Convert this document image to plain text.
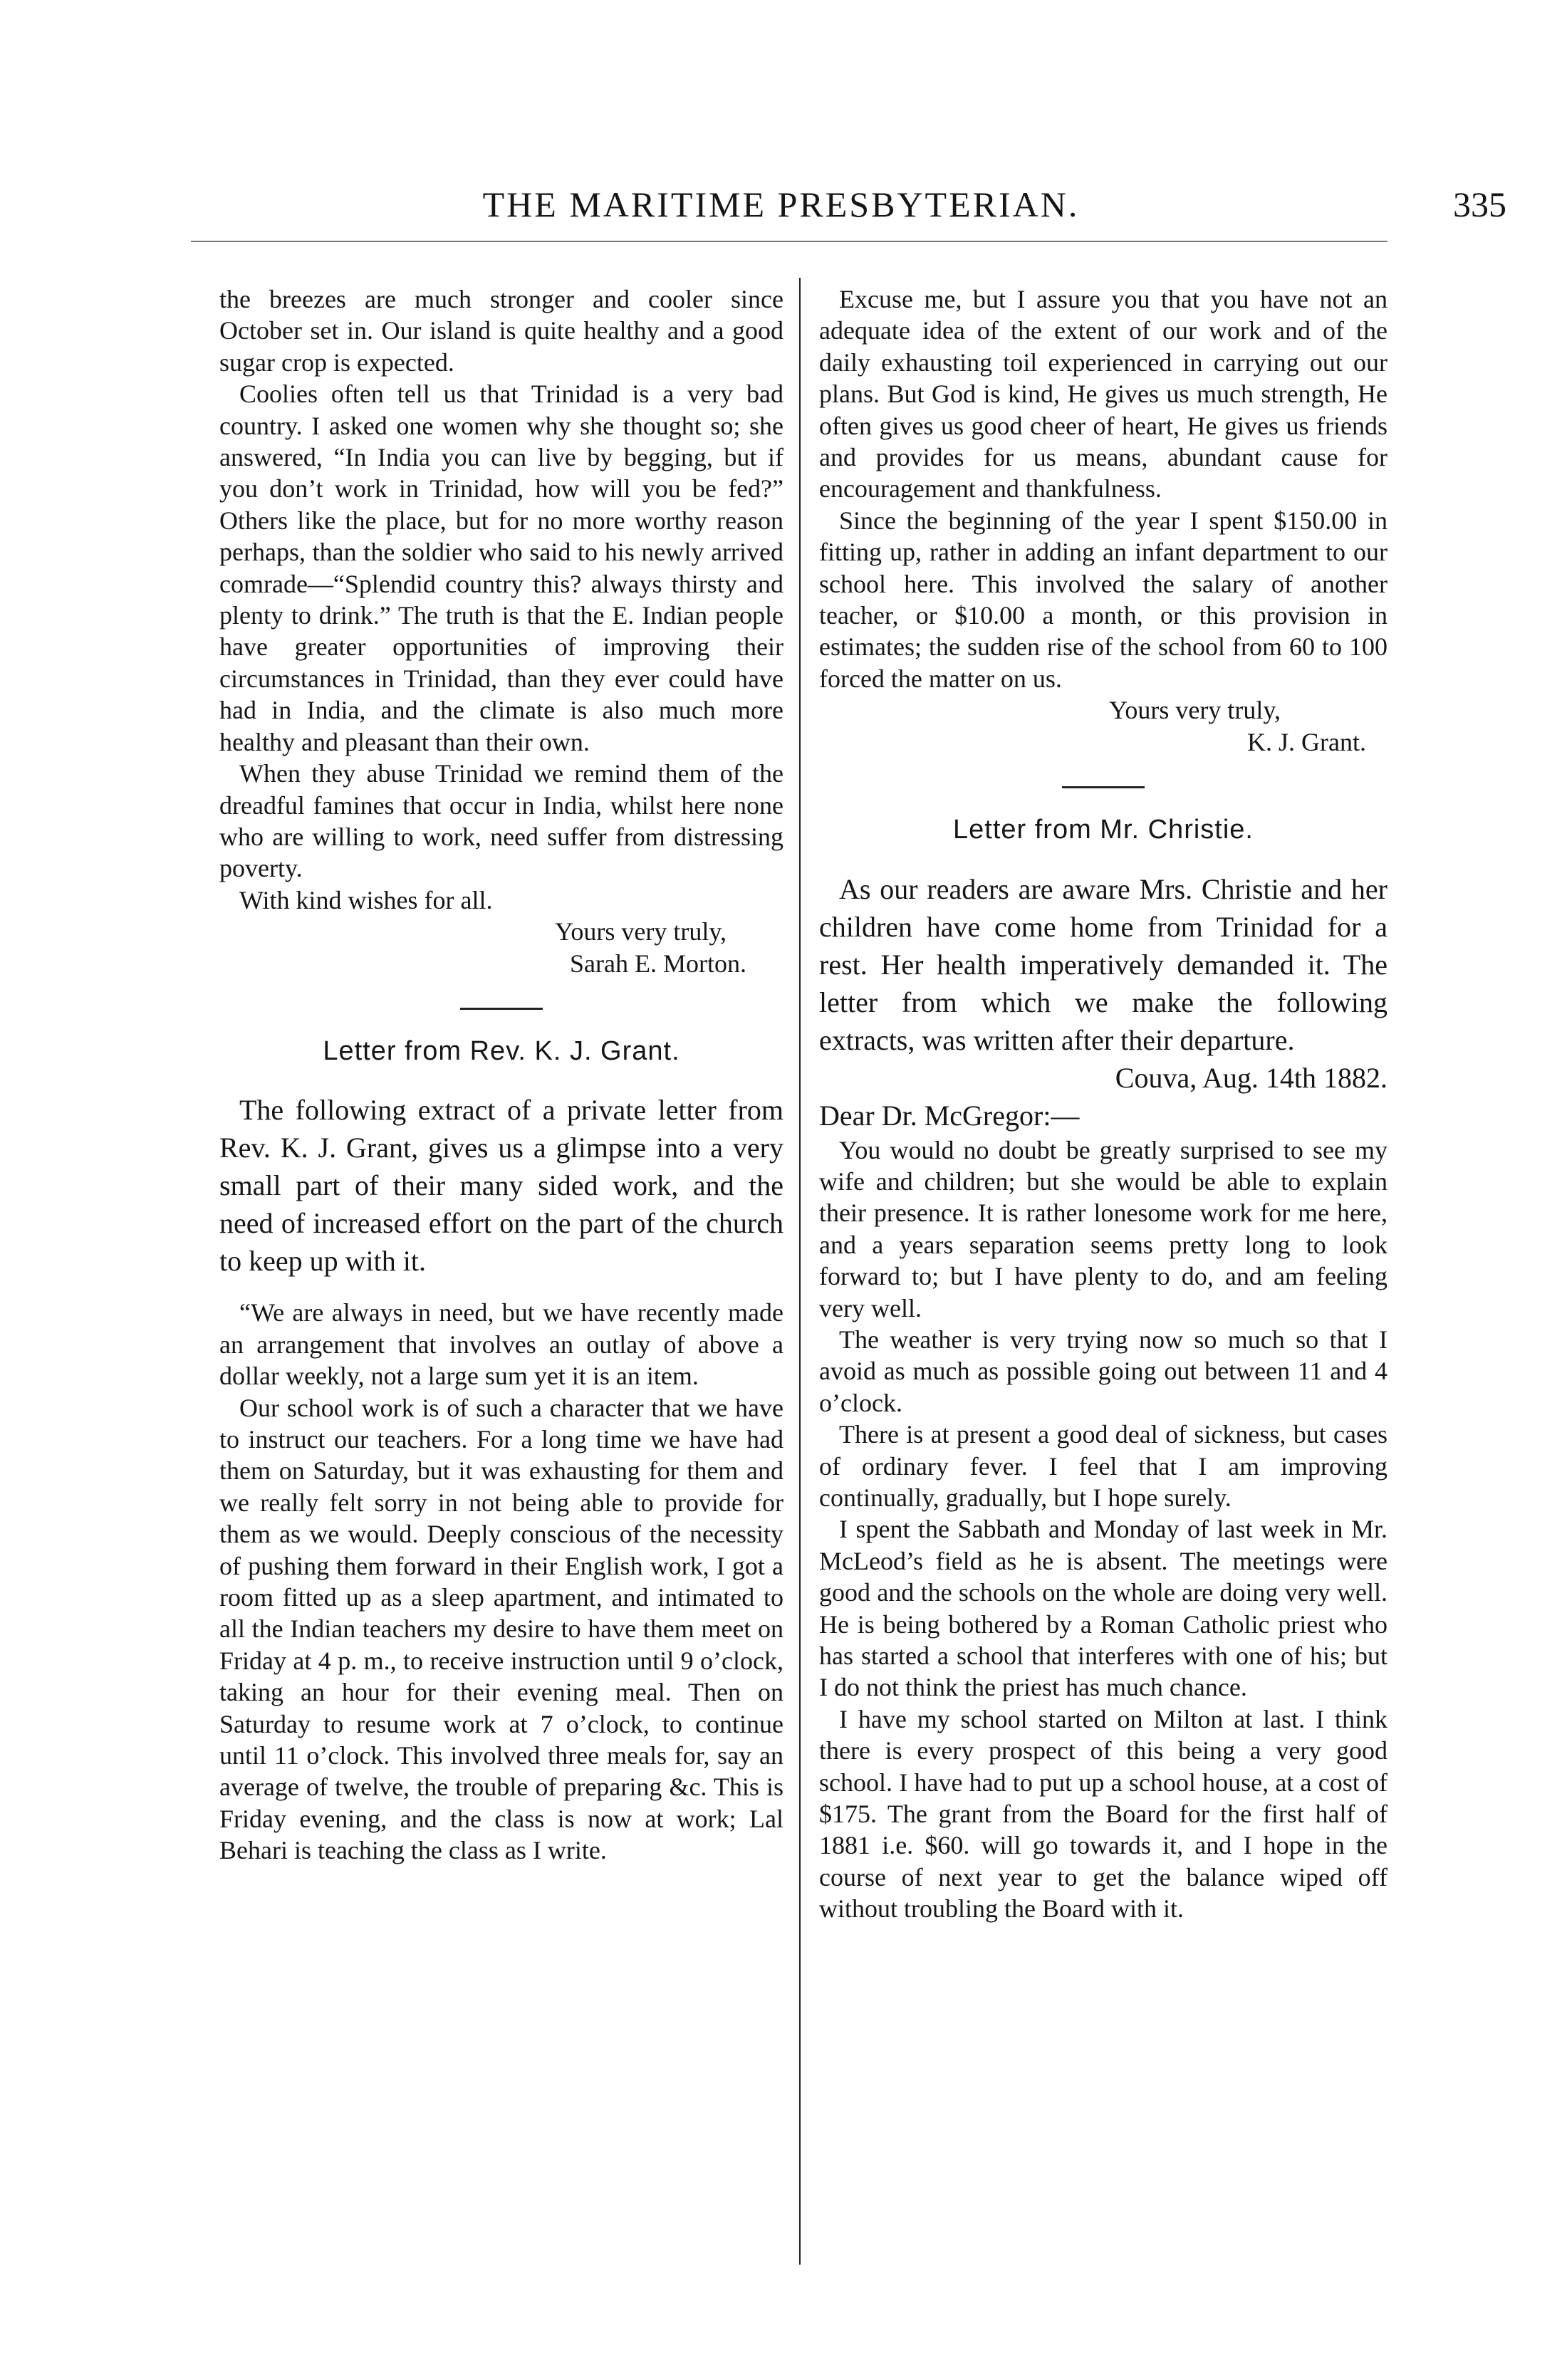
THE MARITIME PRESBYTERIAN.	335

the breezes are much stronger and cooler since October set in. Our island is quite healthy and a good sugar crop is expected.

Coolies often tell us that Trinidad is a very bad country. I asked one women why she thought so; she answered, “In India you can live by begging, but if you don’t work in Trinidad, how will you be fed?” Others like the place, but for no more worthy reason perhaps, than the soldier who said to his newly arrived comrade—“Splendid country this? always thirsty and plenty to drink.” The truth is that the E. Indian people have greater opportunities of improving their circumstances in Trinidad, than they ever could have had in India, and the climate is also much more healthy and pleasant than their own.

When they abuse Trinidad we remind them of the dreadful famines that occur in India, whilst here none who are willing to work, need suffer from distressing poverty.

With kind wishes for all.

Yours very truly,

Sarah E. Morton.

Letter from Rev. K. J. Grant.

The following extract of a private letter from Rev. K. J. Grant, gives us a glimpse into a very small part of their many sided work, and the need of increased effort on the part of the church to keep up with it.

“We are always in need, but we have recently made an arrangement that involves an outlay of above a dollar weekly, not a large sum yet it is an item.

Our school work is of such a character that we have to instruct our teachers. For a long time we have had them on Saturday, but it was exhausting for them and we really felt sorry in not being able to provide for them as we would. Deeply conscious of the necessity of pushing them forward in their English work, I got a room fitted up as a sleep apartment, and intimated to all the Indian teachers my desire to have them meet on Friday at 4 p. m., to receive instruction until 9 o’clock, taking an hour for their evening meal. Then on Saturday to resume work at 7 o’clock, to continue until 11 o’clock. This involved three meals for, say an average of twelve, the trouble of preparing &c. This is Friday evening, and the class is now at work; Lal Behari is teaching the class as I write.

Excuse me, but I assure you that you have not an adequate idea of the extent of our work and of the daily exhausting toil experienced in carrying out our plans. But God is kind, He gives us much strength, He often gives us good cheer of heart, He gives us friends and provides for us means, abundant cause for encouragement and thankfulness.

Since the beginning of the year I spent $150.00 in fitting up, rather in adding an infant department to our school here. This involved the salary of another teacher, or $10.00 a month, or this provision in estimates; the sudden rise of the school from 60 to 100 forced the matter on us.

Yours very truly,

K. J. Grant.

Letter from Mr. Christie.

As our readers are aware Mrs. Christie and her children have come home from Trinidad for a rest. Her health imperatively demanded it. The letter from which we make the following extracts, was written after their departure.

Couva, Aug. 14th 1882.

Dear Dr. McGregor:—

You would no doubt be greatly surprised to see my wife and children; but she would be able to explain their presence. It is rather lonesome work for me here, and a years separation seems pretty long to look forward to; but I have plenty to do, and am feeling very well.

The weather is very trying now so much so that I avoid as much as possible going out between 11 and 4 o’clock.

There is at present a good deal of sickness, but cases of ordinary fever. I feel that I am improving continually, gradually, but I hope surely.

I spent the Sabbath and Monday of last week in Mr. McLeod’s field as he is absent. The meetings were good and the schools on the whole are doing very well. He is being bothered by a Roman Catholic priest who has started a school that interferes with one of his; but I do not think the priest has much chance.

I have my school started on Milton at last. I think there is every prospect of this being a very good school. I have had to put up a school house, at a cost of $175. The grant from the Board for the first half of 1881 i.e. $60. will go towards it, and I hope in the course of next year to get the balance wiped off without troubling the Board with it.
